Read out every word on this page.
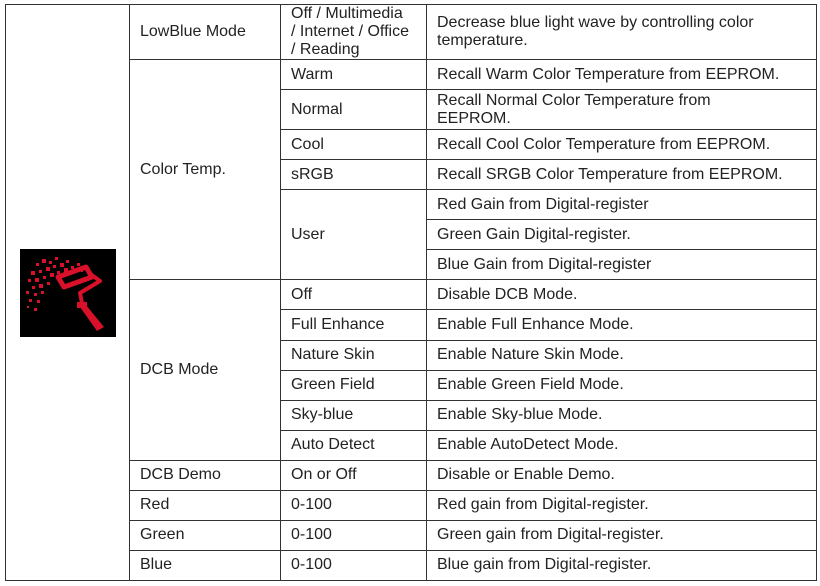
	LowBlue Mode	Off / Multimedia
/ Internet / Office
/ Reading	Decrease blue light wave by controlling color
temperature.

	Color Temp.	Warm	Recall Warm Color Temperature from EEPROM.
		Normal	Recall Normal Color Temperature from
EEPROM.

		Cool	Recall Cool Color Temperature from EEPROM.
		sRGB	Recall SRGB Color Temperature from EEPROM.
		User	Red Gain from Digital-register
			Green Gain Digital-register.
			Blue Gain from Digital-register
	DCB Mode	Off	Disable DCB Mode.
		Full Enhance	Enable Full Enhance Mode.
		Nature Skin	Enable Nature Skin Mode.
		Green Field	Enable Green Field Mode.
		Sky-blue	Enable Sky-blue Mode.
		Auto Detect	Enable AutoDetect Mode.
	DCB Demo	On or Off	Disable or Enable Demo.
	Red	0-100	Red gain from Digital-register.
	Green	0-100	Green gain from Digital-register.
	Blue	0-100	Blue gain from Digital-register.
